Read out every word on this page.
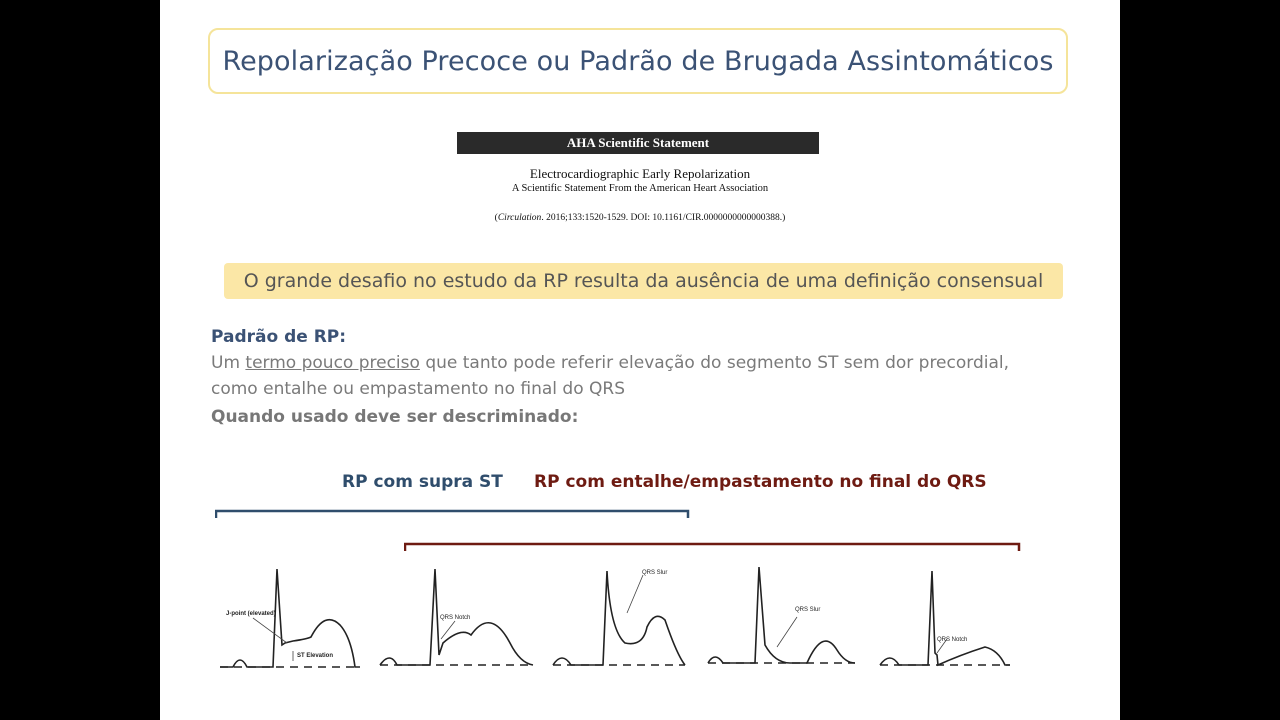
Repolarização Precoce ou Padrão de Brugada Assintomáticos
AHA Scientific Statement
Electrocardiographic Early Repolarization
A Scientific Statement From the American Heart Association
(Circulation. 2016;133:1520-1529. DOI: 10.1161/CIR.0000000000000388.)
O grande desafio no estudo da RP resulta da ausência de uma definição consensual
Padrão de RP:
Um termo pouco preciso que tanto pode referir elevação do segmento ST sem dor precordial,
como entalhe ou empastamento no final do QRS
Quando usado deve ser descriminado:
RP com supra ST RP com entalhe/empastamento no final do QRS
J-point (elevated)
ST Elevation
QRS Notch
QRS Slur
QRS Slur
QRS Notch
